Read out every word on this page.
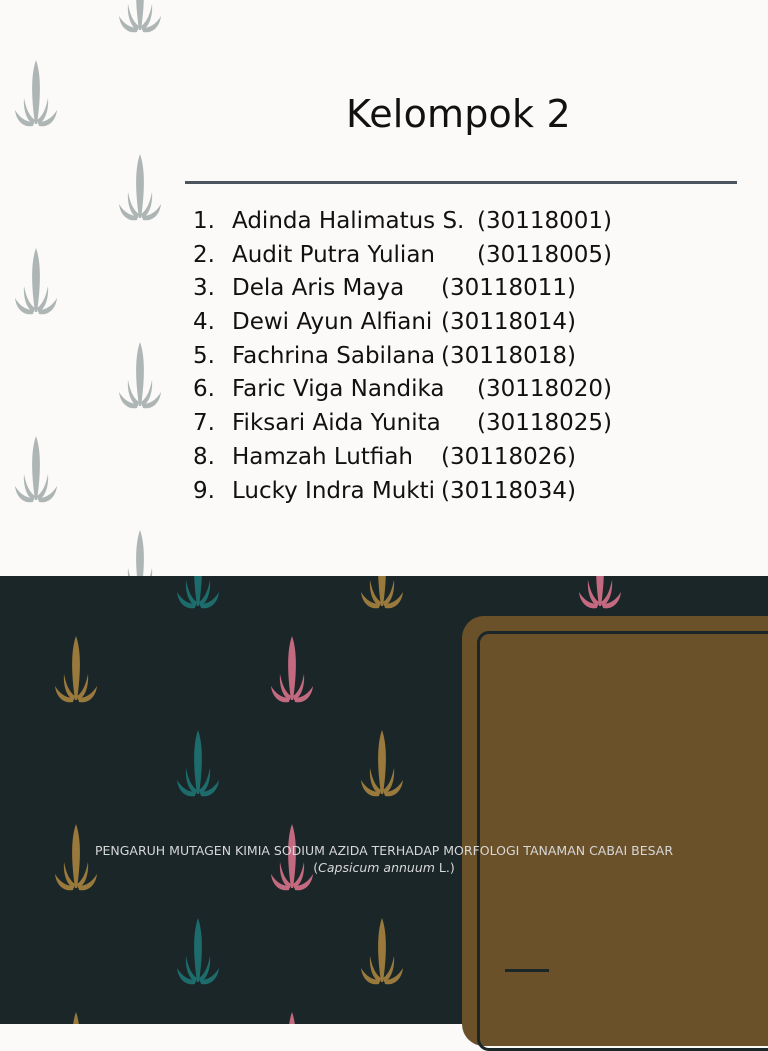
Kelompok 2
1. Adinda Halimatus S. (30118001)
2. Audit Putra Yulian (30118005)
3. Dela Aris Maya (30118011)
4. Dewi Ayun Alfiani (30118014)
5. Fachrina Sabilana (30118018)
6. Faric Viga Nandika (30118020)
7. Fiksari Aida Yunita (30118025)
8. Hamzah Lutfiah (30118026)
9. Lucky Indra Mukti (30118034)
PENGARUH MUTAGEN KIMIA SODIUM AZIDA TERHADAP MORFOLOGI TANAMAN CABAI BESAR
(Capsicum annuum L.)
